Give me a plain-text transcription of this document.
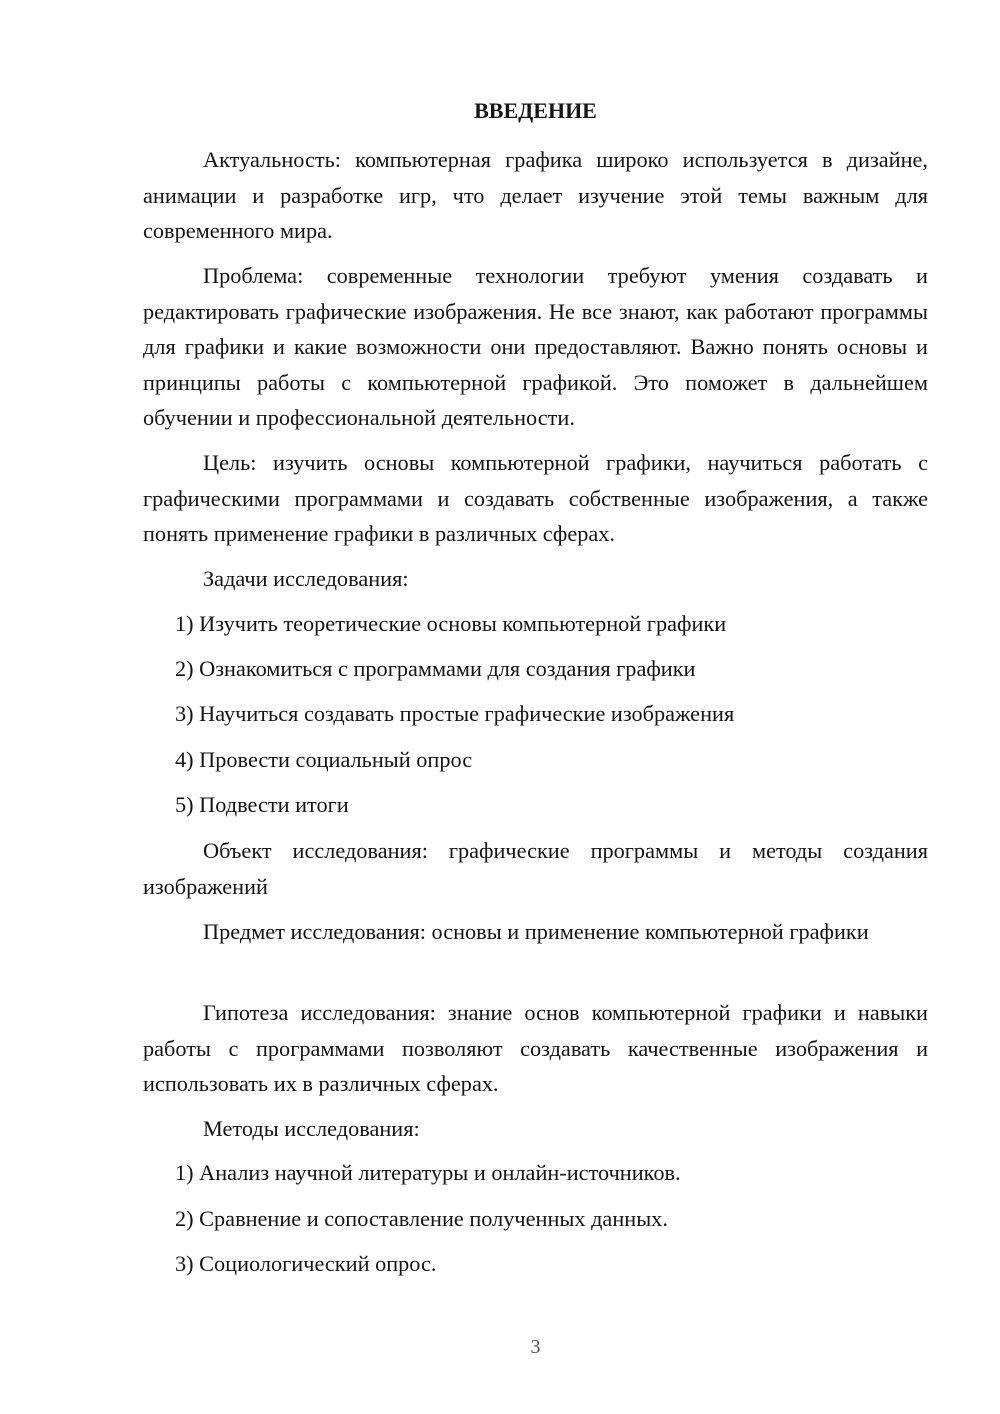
ВВЕДЕНИЕ

Актуальность: компьютерная графика широко используется в дизайне, анимации и разработке игр, что делает изучение этой темы важным для современного мира.

Проблема: современные технологии требуют умения создавать и редактировать графические изображения. Не все знают, как работают программы для графики и какие возможности они предоставляют. Важно понять основы и принципы работы с компьютерной графикой. Это поможет в дальнейшем обучении и профессиональной деятельности.

Цель: изучить основы компьютерной графики, научиться работать с графическими программами и создавать собственные изображения, а также понять применение графики в различных сферах.

Задачи исследования:

1) Изучить теоретические основы компьютерной графики
2) Ознакомиться с программами для создания графики
3) Научиться создавать простые графические изображения
4) Провести социальный опрос
5) Подвести итоги

Объект исследования: графические программы и методы создания изображений

Предмет исследования: основы и применение компьютерной графики

Гипотеза исследования: знание основ компьютерной графики и навыки работы с программами позволяют создавать качественные изображения и использовать их в различных сферах.

Методы исследования:

1) Анализ научной литературы и онлайн-источников.
2) Сравнение и сопоставление полученных данных.
3) Социологический опрос.
3
